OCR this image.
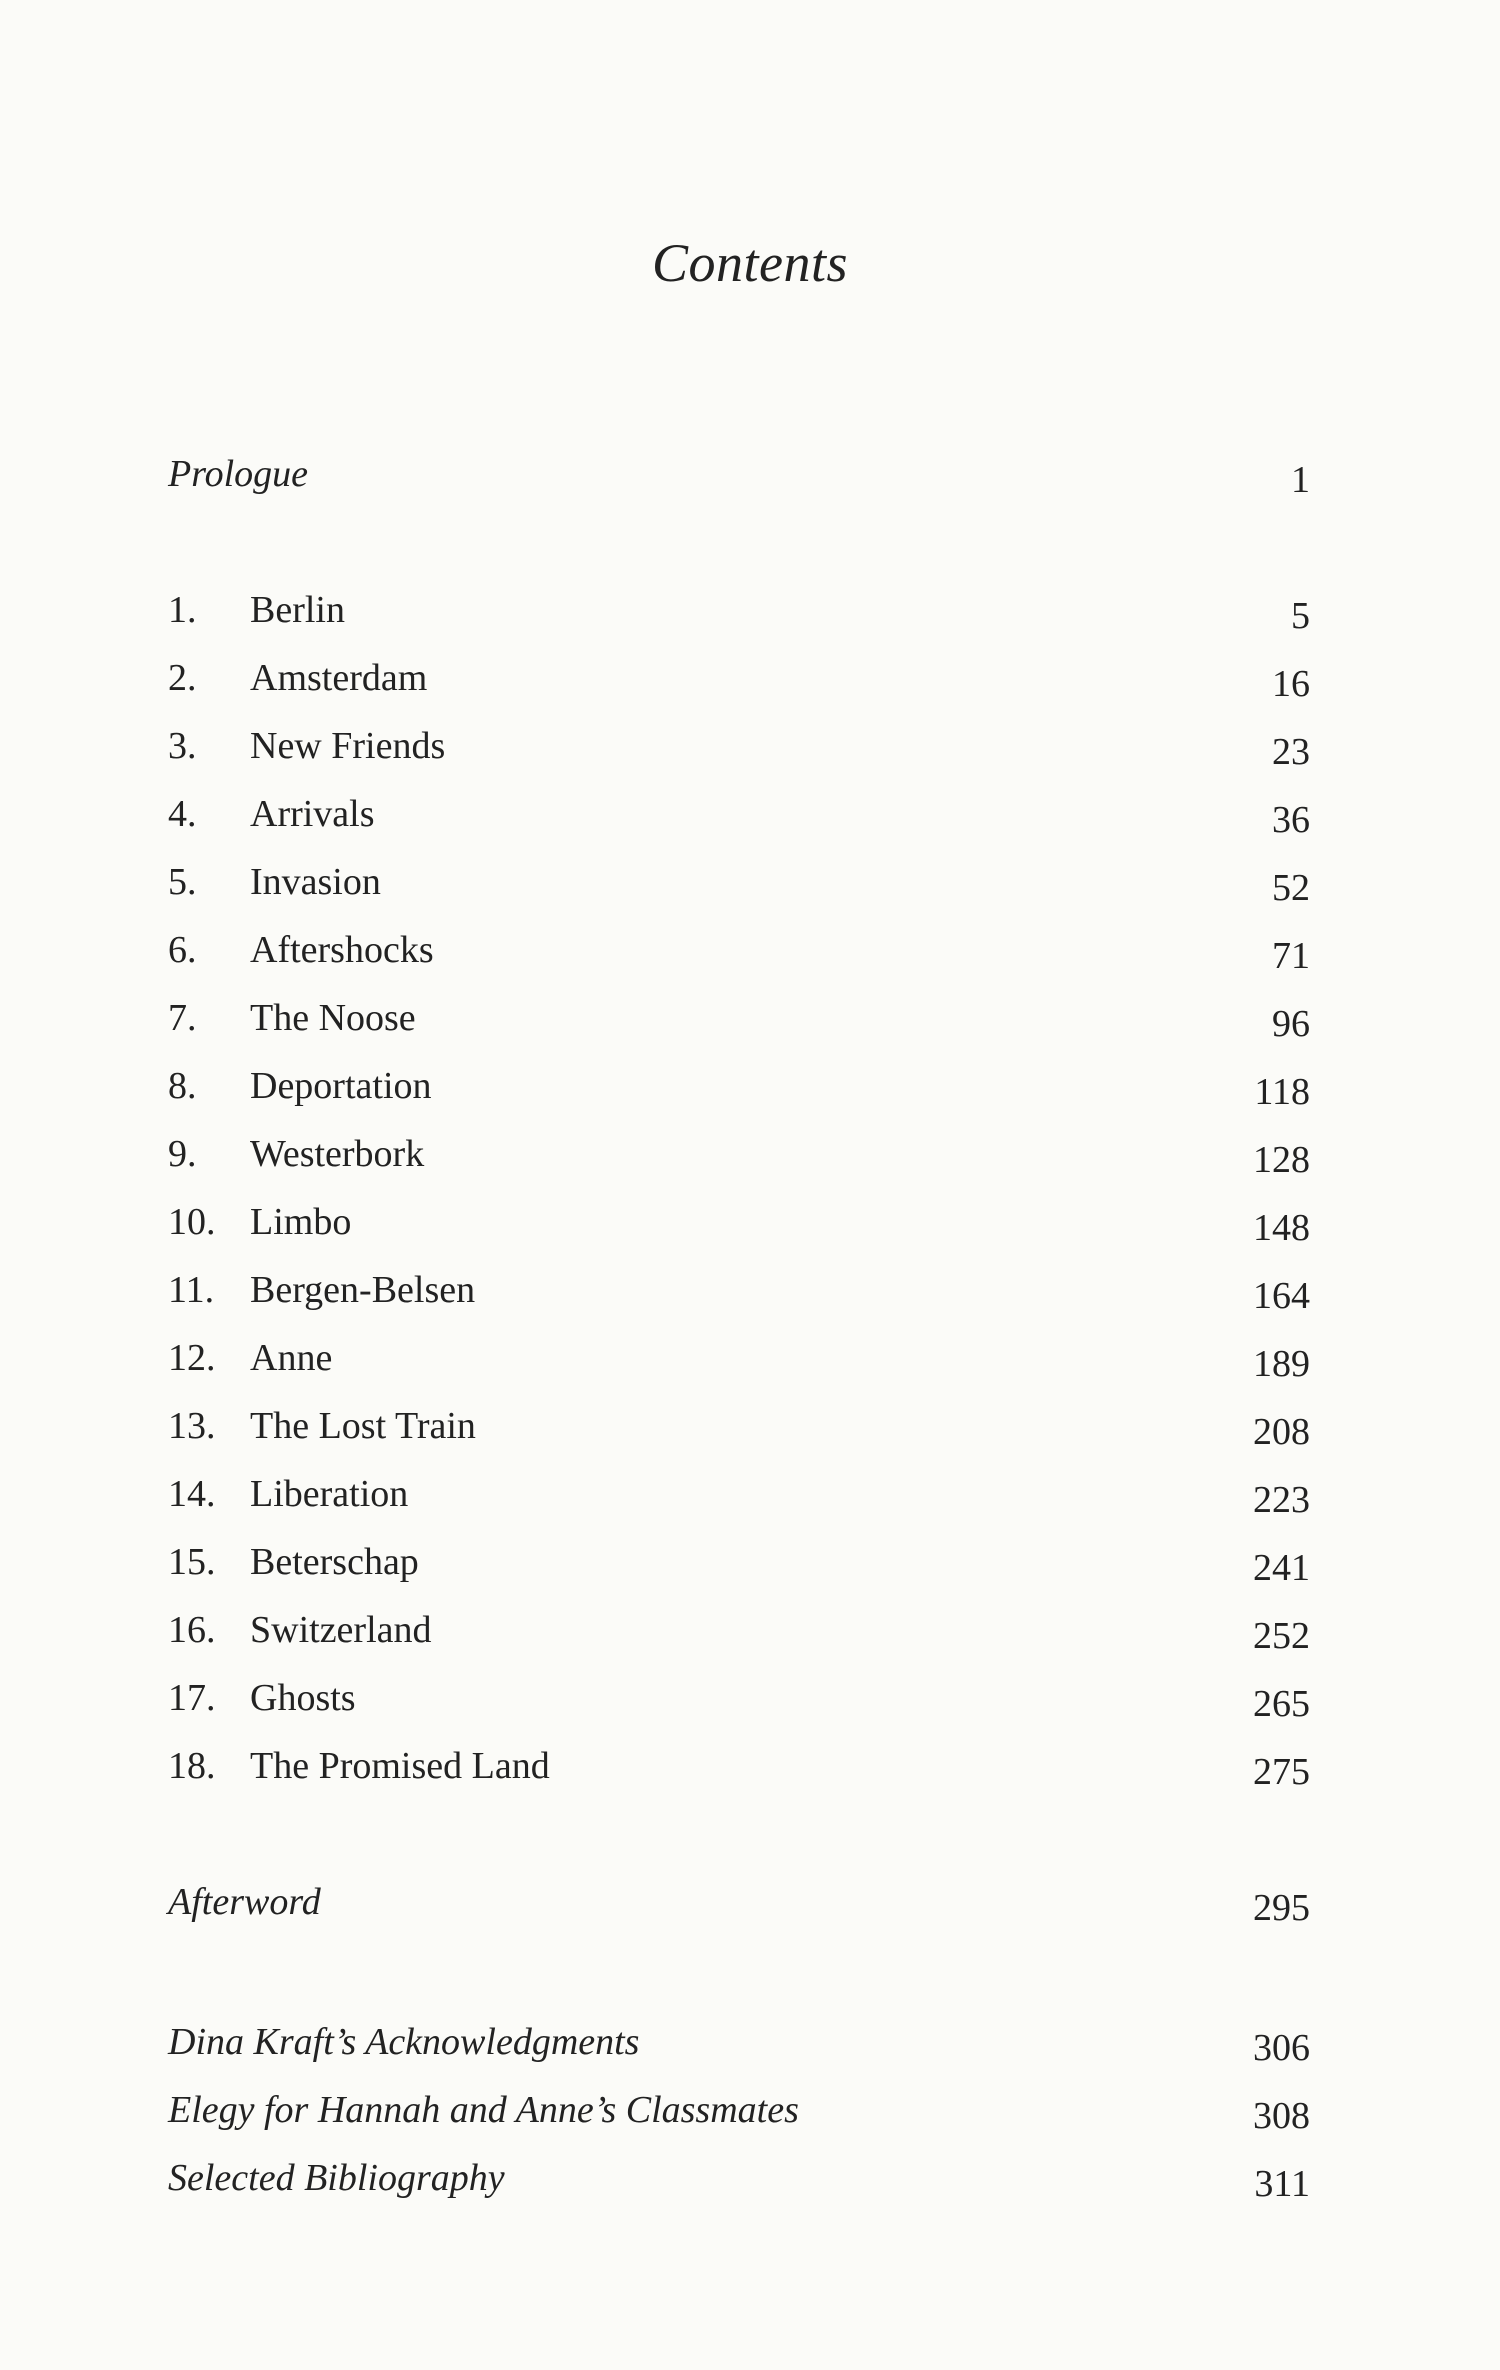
Contents
Prologue	1
1. Berlin	5
2. Amsterdam	16
3. New Friends	23
4. Arrivals	36
5. Invasion	52
6. Aftershocks	71
7. The Noose	96
8. Deportation	118
9. Westerbork	128
10. Limbo	148
11. Bergen-Belsen	164
12. Anne	189
13. The Lost Train	208
14. Liberation	223
15. Beterschap	241
16. Switzerland	252
17. Ghosts	265
18. The Promised Land	275
Afterword	295
Dina Kraft’s Acknowledgments	306
Elegy for Hannah and Anne’s Classmates	308
Selected Bibliography	311
